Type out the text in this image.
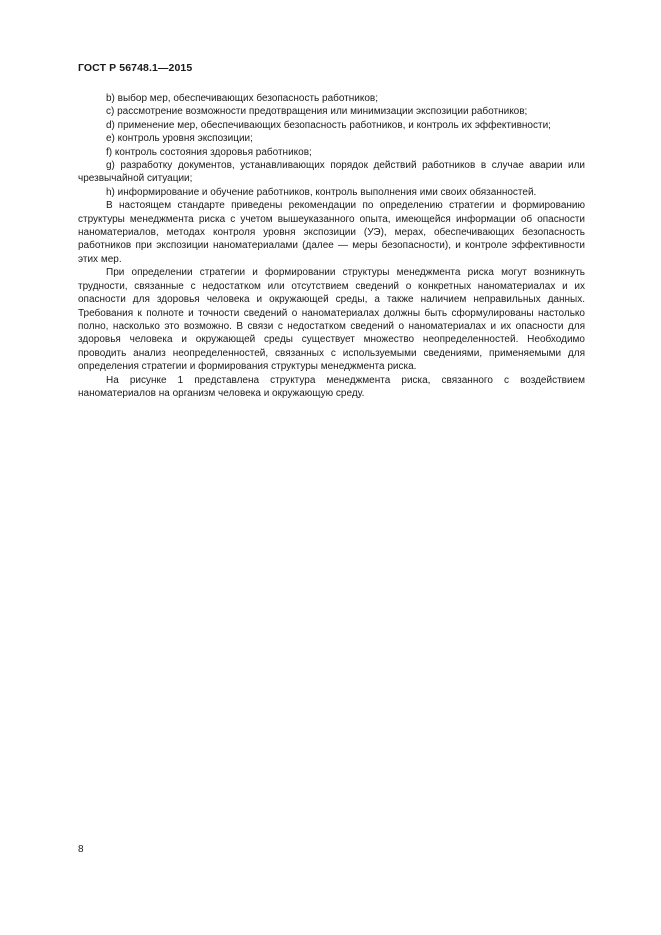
ГОСТ Р 56748.1—2015

b) выбор мер, обеспечивающих безопасность работников;

c) рассмотрение возможности предотвращения или минимизации экспозиции работников;

d) применение мер, обеспечивающих безопасность работников, и контроль их эффективности;

e) контроль уровня экспозиции;

f) контроль состояния здоровья работников;

g) разработку документов, устанавливающих порядок действий работников в случае аварии или чрезвычайной ситуации;

h) информирование и обучение работников, контроль выполнения ими своих обязанностей.

В настоящем стандарте приведены рекомендации по определению стратегии и формированию структуры менеджмента риска с учетом вышеуказанного опыта, имеющейся информации об опасности наноматериалов, методах контроля уровня экспозиции (УЭ), мерах, обеспечивающих безопасность работников при экспозиции наноматериалами (далее — меры безопасности), и контроле эффективности этих мер.

При определении стратегии и формировании структуры менеджмента риска могут возникнуть трудности, связанные с недостатком или отсутствием сведений о конкретных наноматериалах и их опасности для здоровья человека и окружающей среды, а также наличием неправильных данных. Требования к полноте и точности сведений о наноматериалах должны быть сформулированы настолько полно, насколько это возможно. В связи с недостатком сведений о наноматериалах и их опасности для здоровья человека и окружающей среды существует множество неопределенностей. Необходимо проводить анализ неопределенностей, связанных с используемыми сведениями, применяемыми для определения стратегии и формирования структуры менеджмента риска.

На рисунке 1 представлена структура менеджмента риска, связанного с воздействием наноматериалов на организм человека и окружающую среду.

8
